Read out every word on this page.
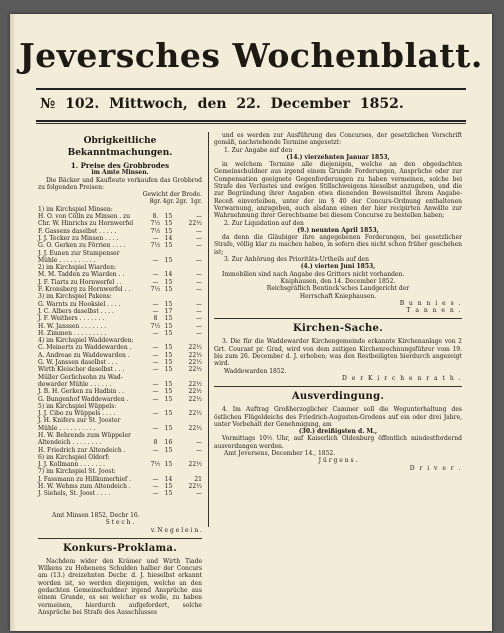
Jeversches Wochenblatt.
№ 102. Mittwoch, den 22. December 1852.
Obrigkeitliche Bekanntmachungen.
1. Preise des Grobbrodes
im Amte Minsen.

Die Bäcker und Kaufleute verkaufen das Grobbrod zu folgenden Preisen:

Gewicht der Brode.
8gr. 4gr. 2gr. 1gr.
1) im Kirchspiel Minsen:
H. O. von Cölln zu Minsen . zu	8.	15	—
Chr. W. Hinrichs zu Hornwerfel	7½ 15	22½
F. Gassens daselbst . . . . .	7½ 15	—
J. J. Tecker zu Minsen . . . .	—	14	—
G. O. Gerken zu Förrien . . . .	7½ 15	—
J. J. Eunen zur Stumpenser
Mühle . . . . . . . . . .	—	15	—
2) im Kirchspiel Wiarden:
M. M. Tadden zu Wiarden . .	—	14	—
J. F. Tiarts zu Hornwerfel . .	—	15	—
F. Kronsberg zu Hornwerfel . .	7½ 15	—
3) im Kirchspiel Pakens:
G. Warnts zu Hooksiel . . . .	—	15	—
J. C. Albers daselbst . . . .	—	17	—
J. F. Weithers . . . . . . .	8	15	—
H. W. Janssen . . . . . . .	7½ 15	—
H. Zimmen . . . . . . . . .	—	15	—
4) im Kirchspiel Waddewarden:
C. Meinerts zu Waddewarden .	—	15	22½
A. Andreae zu Waddewarden .	—	15	22½
G. W. Janssen daselbst . . .	—	15	22½
Wirth Kleischer daselbst . . .	—	15	22½
Müller Gerlichsohn zu Wad-
dewarder Mühle . . . . . .	—	15	22½
J. B. H. Gerken zu Hadbin . .	—	15	22½
G. Bungenhof Waddewarden .	—	15	22½
5) im Kirchspiel Wüppels:
J. J. Cibo zu Wüppels . . . .	—	15	22½
J. H. Knifers zur St. Jooster
Mühle . . . . . . . . . .	—	15	22½
H. W. Behrends zum Wüppeler
Altendeich . . . . . . . .	8	16	—
H. Friedrich zur Altendeich .	—	15	—
6) im Kirchspiel Oldorf:
J. J. Kollmann . . . . . . .	7½ 15	22½
7) im Kirchspiel St. Joost:
J. Fassmann zu Hillkumerhief .	—	14	21
H. W. Wehms zum Altendeich .	—	15	22½
J. Siehels, St. Joost . . . .	—	15	—
Amt Minsen 1852, Decbr 16.
S t e c h .
v. N e g e l e i n .
Konkurs-Proklama.

Nachdem wider den Krämer und Wirth Tiade Wilkens zu Hohenens Schulden halber der Concurs am (13.) dreizehnten Decbr. d. J. hieselbst erkannt worden ist, so werden diejenigen, welche an den gedachten Gemeinschuldner irgend Ansprüche aus einem Grunde, es sei welcher es wolle, zu haben vermeinen, hierdurch aufgefordert, solche Ansprüche bei Strafe des Ausschlusses

und es werden zur Ausführung des Concurses, der gesetzlichen Vorschrift gemäß, nachstehende Termine angesetzt:

1. Zur Angabe auf den
(14.) vierzehnten Januar 1853,

in welchem Termine alle diejenigen, welche an den obgedachten Gemeinschuldner aus irgend einem Grunde Forderungen, Ansprüche oder zur Compensation geeignete Gegenforderungen zu haben vermeinen, solche bei Strafe des Verlustes und ewigen Stillschweigens hieselbst anzugeben, und die zur Begründung ihrer Angaben etwa dienenden Beweismittel ihrem Angabe-Receß einverleiben, unter der im § 40 der Concurs-Ordnung enthaltenen Verwarnung, anzugeben, auch alsdann einen der hier recipirten Anwälte zur Wahrnehmung ihrer Gerechtsame bei diesem Concurse zu bestellen haben;

2. Zur Liquidation auf den
(9.) neunten April 1853,

da denn die Gläubiger ihre angegebenen Forderungen, bei gesetzlicher Strafe, völlig klar zu machen haben, in sofern dies nicht schon früher geschehen ist;

3. Zur Anhörung des Prioritäts-Urtheils auf den
(4.) vierten Juni 1853,

Immobilien sind nach Angabe des Gritters nicht vorhanden.

Kniphausen, den 14. December 1852.
Reichsgräflich Bentinck'sches Landgericht der
Herrschaft Kniephausen.
B u n n i e s .
T a n n e n .
Kirchen-Sache.

3. Die für die Waddewarder Kirchengemeinde erkannte Kirchenanlage von 2 Grt. Courant pr. Grad, wird von dem zeitigen Kirchenrechnungsführer vom 19. bis zum 26. December d. J. erhoben; was den Restbeiligten hierdurch angezeigt wird.

Waddewarden 1852.
D e r K i r c h e n r a t h .
Ausverdingung.

4. Im Auftrag Großherzoglicher Cammer soll die Wegunterhaltung des östlichen Flügeldeichs des Friedrich-Augusten-Grodens auf ein oder drei Jahre, unter Vorbehalt der Genehmigung, am

(30.) dreißigsten d. M.,

Vormittags 10½ Uhr, auf Kaiserlich Oldenburg öffentlich mindestfordernd ausverdungen werden.

Amt Jeversens, December 14., 1852.
J ü r g e n s .
D r i v e r .
